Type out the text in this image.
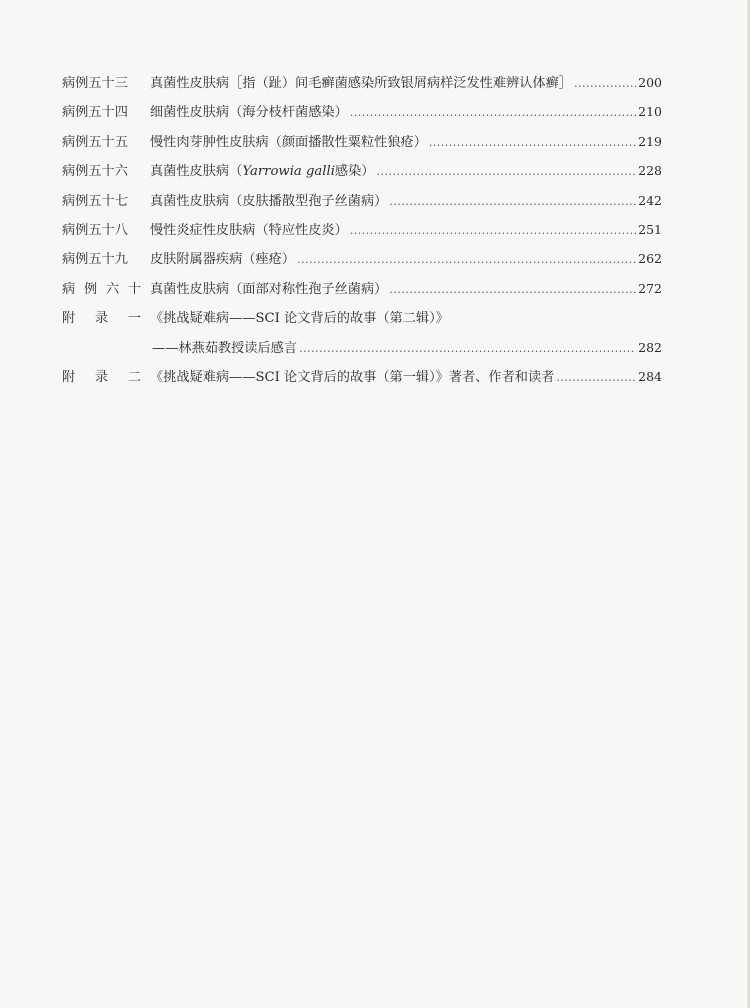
病例五十三	真菌性皮肤病［指（趾）间毛癣菌感染所致银屑病样泛发性难辨认体癣］ .....	200
病例五十四	细菌性皮肤病（海分枝杆菌感染） .....	210
病例五十五	慢性肉芽肿性皮肤病（颜面播散性粟粒性狼疮） .....	219
病例五十六	真菌性皮肤病（Yarrowia galli感染） .....	228
病例五十七	真菌性皮肤病（皮肤播散型孢子丝菌病） .....	242
病例五十八	慢性炎症性皮肤病（特应性皮炎） .....	251
病例五十九	皮肤附属器疾病（痤疮） .....	262
病 例 六 十 真菌性皮肤病（面部对称性孢子丝菌病） .....	272
附 录 一 《挑战疑难病——SCI 论文背后的故事（第二辑）》
——林燕茹教授读后感言 .....	282
附 录 二 《挑战疑难病——SCI 论文背后的故事（第一辑）》著者、作者和读者 .....	284
